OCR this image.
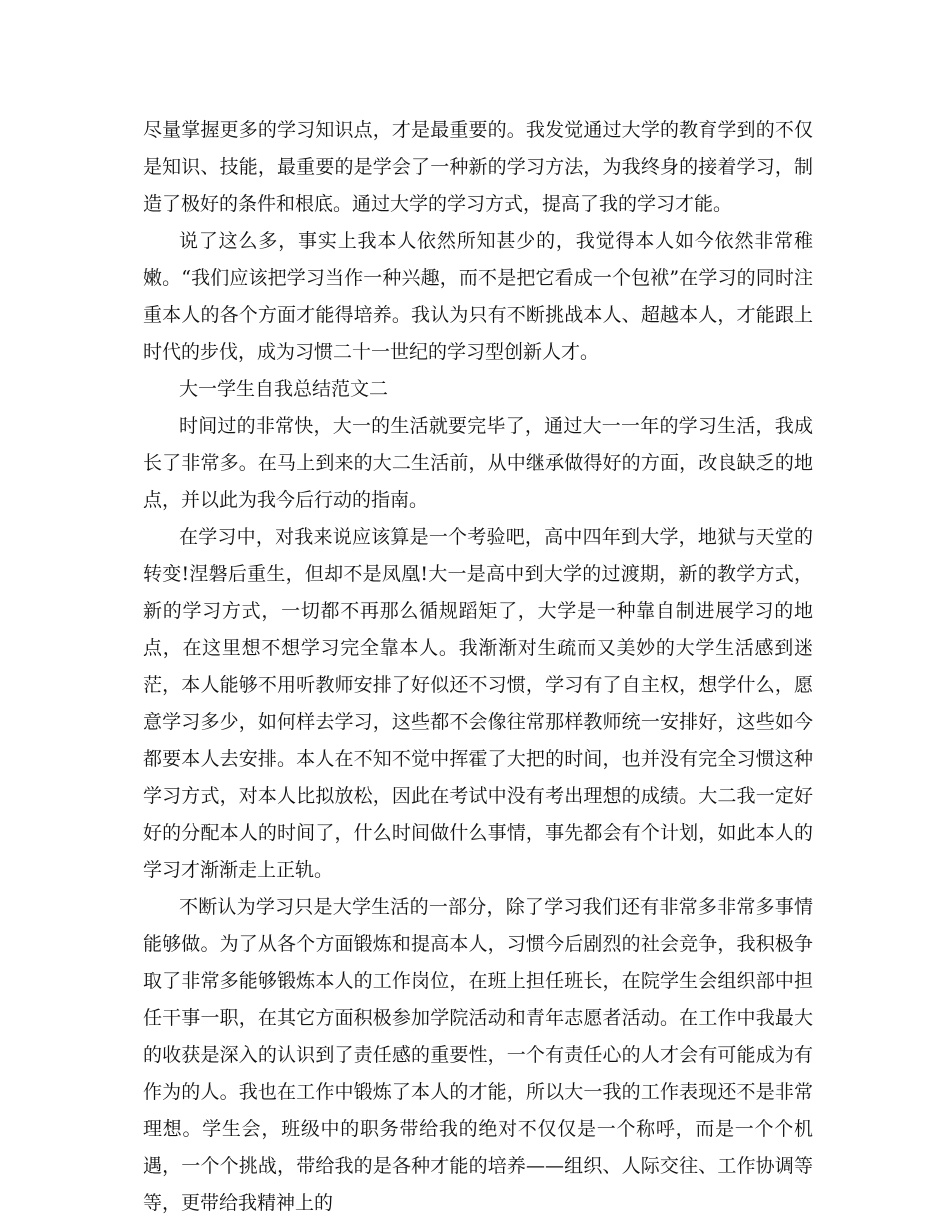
尽量掌握更多的学习知识点，才是最重要的。我发觉通过大学的教育学到的不仅是知识、技能，最重要的是学会了一种新的学习方法，为我终身的接着学习，制造了极好的条件和根底。通过大学的学习方式，提高了我的学习才能。

说了这么多，事实上我本人依然所知甚少的，我觉得本人如今依然非常稚嫩。“我们应该把学习当作一种兴趣，而不是把它看成一个包袱”在学习的同时注重本人的各个方面才能得培养。我认为只有不断挑战本人、超越本人，才能跟上时代的步伐，成为习惯二十一世纪的学习型创新人才。

大一学生自我总结范文二

时间过的非常快，大一的生活就要完毕了，通过大一一年的学习生活，我成长了非常多。在马上到来的大二生活前，从中继承做得好的方面，改良缺乏的地点，并以此为我今后行动的指南。

在学习中，对我来说应该算是一个考验吧，高中四年到大学，地狱与天堂的转变!涅磐后重生，但却不是凤凰!大一是高中到大学的过渡期，新的教学方式，新的学习方式，一切都不再那么循规蹈矩了，大学是一种靠自制进展学习的地点，在这里想不想学习完全靠本人。我渐渐对生疏而又美妙的大学生活感到迷茫，本人能够不用听教师安排了好似还不习惯，学习有了自主权，想学什么，愿意学习多少，如何样去学习，这些都不会像往常那样教师统一安排好，这些如今都要本人去安排。本人在不知不觉中挥霍了大把的时间，也并没有完全习惯这种学习方式，对本人比拟放松，因此在考试中没有考出理想的成绩。大二我一定好好的分配本人的时间了，什么时间做什么事情，事先都会有个计划，如此本人的学习才渐渐走上正轨。

不断认为学习只是大学生活的一部分，除了学习我们还有非常多非常多事情能够做。为了从各个方面锻炼和提高本人，习惯今后剧烈的社会竞争，我积极争取了非常多能够锻炼本人的工作岗位，在班上担任班长，在院学生会组织部中担任干事一职，在其它方面积极参加学院活动和青年志愿者活动。在工作中我最大的收获是深入的认识到了责任感的重要性，一个有责任心的人才会有可能成为有作为的人。我也在工作中锻炼了本人的才能，所以大一我的工作表现还不是非常理想。学生会，班级中的职务带给我的绝对不仅仅是一个称呼，而是一个个机遇，一个个挑战，带给我的是各种才能的培养——组织、人际交往、工作协调等等，更带给我精神上的
